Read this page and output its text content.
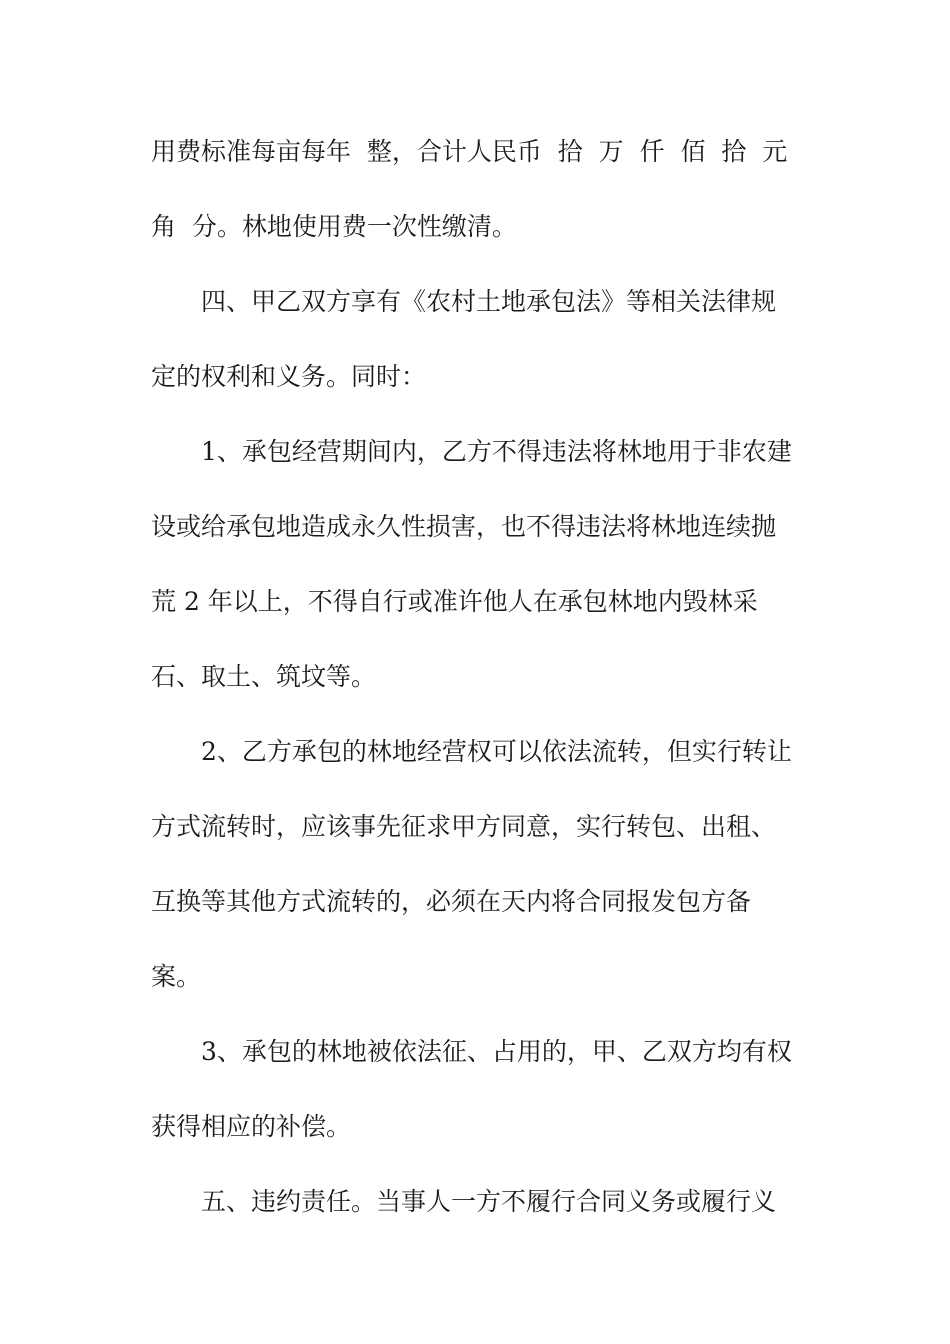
用费标准每亩每年  整，合计人民币  拾  万  仟  佰  拾  元

角  分。林地使用费一次性缴清。

四、甲乙双方享有《农村土地承包法》等相关法律规

定的权利和义务。同时：

1、承包经营期间内，乙方不得违法将林地用于非农建

设或给承包地造成永久性损害，也不得违法将林地连续抛

荒 2 年以上，不得自行或准许他人在承包林地内毁林采

石、取土、筑坟等。

2、乙方承包的林地经营权可以依法流转，但实行转让

方式流转时，应该事先征求甲方同意，实行转包、出租、

互换等其他方式流转的，必须在天内将合同报发包方备

案。

3、承包的林地被依法征、占用的，甲、乙双方均有权

获得相应的补偿。

五、违约责任。当事人一方不履行合同义务或履行义
